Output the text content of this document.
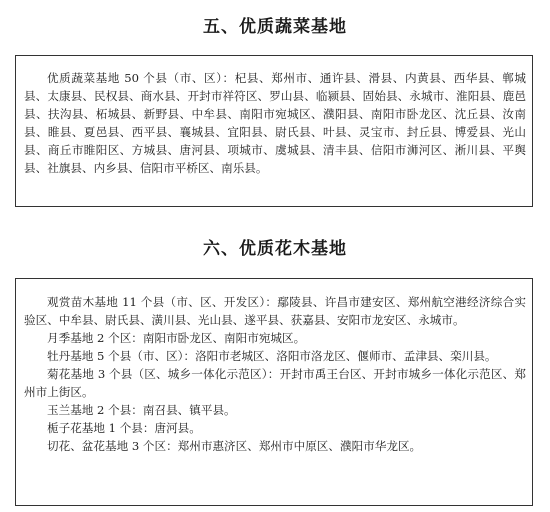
五、优质蔬菜基地

优质蔬菜基地 50 个县（市、区）：杞县、郑州市、通许县、滑县、内黄县、西华县、郸城县、太康县、民权县、商水县、开封市祥符区、罗山县、临颍县、固始县、永城市、淮阳县、鹿邑县、扶沟县、柘城县、新野县、中牟县、南阳市宛城区、濮阳县、南阳市卧龙区、沈丘县、汝南县、睢县、夏邑县、西平县、襄城县、宜阳县、尉氏县、叶县、灵宝市、封丘县、博爱县、光山县、商丘市睢阳区、方城县、唐河县、项城市、虞城县、清丰县、信阳市浉河区、淅川县、平舆县、社旗县、内乡县、信阳市平桥区、南乐县。

六、优质花木基地

观赏苗木基地 11 个县（市、区、开发区）：鄢陵县、许昌市建安区、郑州航空港经济综合实验区、中牟县、尉氏县、潢川县、光山县、遂平县、获嘉县、安阳市龙安区、永城市。

月季基地 2 个区：南阳市卧龙区、南阳市宛城区。

牡丹基地 5 个县（市、区）：洛阳市老城区、洛阳市洛龙区、偃师市、孟津县、栾川县。

菊花基地 3 个县（区、城乡一体化示范区）：开封市禹王台区、开封市城乡一体化示范区、郑州市上街区。

玉兰基地 2 个县：南召县、镇平县。

栀子花基地 1 个县：唐河县。

切花、盆花基地 3 个区：郑州市惠济区、郑州市中原区、濮阳市华龙区。
